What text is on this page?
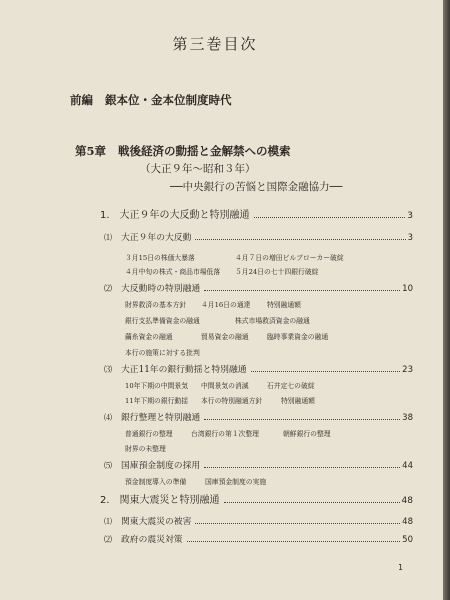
第三巻目次
前編 銀本位・金本位制度時代
第5章 戦後経済の動揺と金解禁への模索
（大正９年〜昭和３年）
──中央銀行の苦悩と国際金融協力──
1. 大正９年の大反動と特別融通	3
⑴ 大正９年の大反動	3
３月15日の株価大暴落	４月７日の増田ビルブローカー破綻
４月中旬の株式・商品市場低落 ５月24日の七十四銀行破綻
⑵ 大反動時の特別融通	10
財界救済の基本方針 ４月16日の通達 特別融通額
銀行支払準備資金の融通	株式市場救済資金の融通
繭糸資金の融通	貿易資金の融通	臨時事業資金の融通
本行の施策に対する批判
⑶ 大正11年の銀行動揺と特別融通	23
10年下期の中間景気 中間景気の消滅	石井定七の破綻
11年下期の銀行動揺 本行の特別融通方針	特別融通額
⑷ 銀行整理と特別融通	38
普通銀行の整理	台湾銀行の第１次整理	朝鮮銀行の整理
財界の未整理
⑸ 国庫預金制度の採用	44
預金制度導入の準備	国庫預金制度の実施
2. 関東大震災と特別融通	48
⑴ 関東大震災の被害	48
⑵ 政府の震災対策	50
1
